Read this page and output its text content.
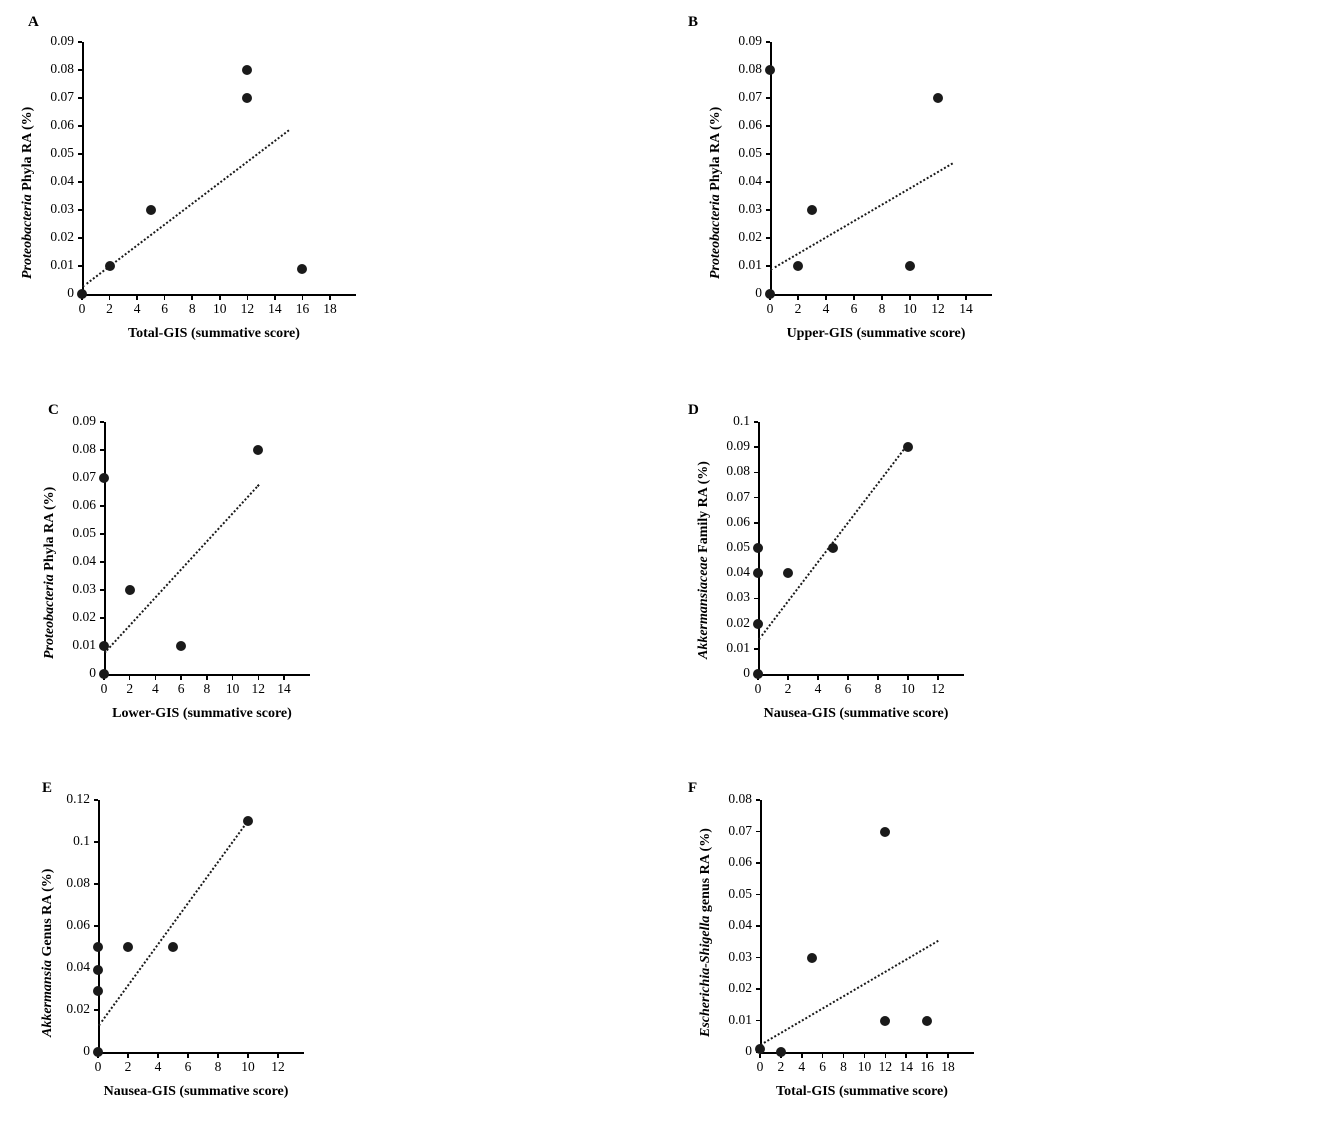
A
0
0.01
0.02
0.03
0.04
0.05
0.06
0.07
0.08
0.09
0	2	4	6	8	10	12	14	16	18
Total-GIS (summative score)
Proteobacteria Phyla RA (%)
B
0
0.01
0.02
0.03
0.04
0.05
0.06
0.07
0.08
0.09
0	2	4	6	8	10	12	14
Upper-GIS (summative score)
Proteobacteria Phyla RA (%)
C
0
0.01
0.02
0.03
0.04
0.05
0.06
0.07
0.08
0.09
0	2	4	6	8	10 12 14
Lower-GIS (summative score)
Proteobacteria Phyla RA (%)
D
0
0.01
0.02
0.03
0.04
0.05
0.06
0.07
0.08
0.09
0.1
0	2	4	6	8	10	12
Nausea-GIS (summative score)
Akkermansiaceae Family RA (%)
E
0
0.02
0.04
0.06
0.08
0.1
0.12
0	2	4	6	8	10	12
Nausea-GIS (summative score)
Akkermansia Genus RA (%)
F
0
0.01
0.02
0.03
0.04
0.05
0.06
0.07
0.08
0	2	4	6	8 10 12 14 16 18
Total-GIS (summative score)
Escherichia-Shigella genus RA (%)
